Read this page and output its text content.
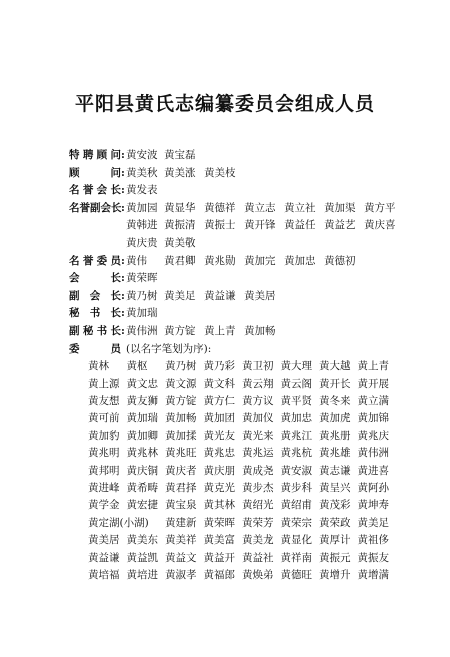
平阳县黄氏志编纂委员会组成人员
特聘顾问 : 黄安波 黄宝磊
顾问 : 黄美秋 黄美涨 黄美枝
名誉会长 : 黄发表
名誉副会长 : 黄加园 黄显华 黄德祥 黄立志 黄立社 黄加渠 黄方平
黄韩进 黄振清 黄振士 黄开锋 黄益任 黄益艺 黄庆喜
黄庆贵 黄美敬
名誉委员 : 黄伟 黄君卿 黄兆勋 黄加完 黄加忠 黄德初
会长 : 黄荣晖
副会长 : 黄乃树 黄美足 黄益谦 黄美居
秘书长 : 黄加瑞
副秘书长 : 黄伟洲 黄方锭 黄上青 黄加畅
委员 (以名字笔划为序):
黄林	黄枢	黄乃树 黄乃彩 黄卫初 黄大理 黄大越 黄上青
黄上源 黄文忠 黄文源 黄文科 黄云翔 黄云阁 黄开长 黄开展
黄友想 黄友狮 黄方锭 黄方仁 黄方议 黄平贤 黄冬来 黄立满
黄可前 黄加瑞 黄加畅 黄加团 黄加仪 黄加忠 黄加虎 黄加锦
黄加豹 黄加卿 黄加揉 黄光友 黄光来 黄兆江 黄兆册 黄兆庆
黄兆明 黄兆林 黄兆旺 黄兆忠 黄兆运 黄兆杭 黄兆雄 黄伟洲
黄邦明 黄庆铜 黄庆者 黄庆朋 黄成尧 黄安淑 黄志谦 黄进喜
黄进峰 黄希畴 黄君择 黄克光 黄步杰 黄步科 黄呈兴 黄阿孙
黄学金 黄宏捷 黄宝泉 黄其林 黄绍光 黄绍甫 黄茂彩 黄坤寿
黄定湖(小湖)	黄建新 黄荣晖 黄荣芳 黄荣宗 黄荣政 黄美足
黄美居 黄美东 黄美祥 黄美富 黄美龙 黄显化 黄厚计 黄祖侈
黄益谦 黄益凯 黄益文 黄益开 黄益社 黄祥南 黄振元 黄振友
黄培福 黄培进 黄淑孝 黄福郎 黄焕弟 黄德旺 黄增升 黄增满
